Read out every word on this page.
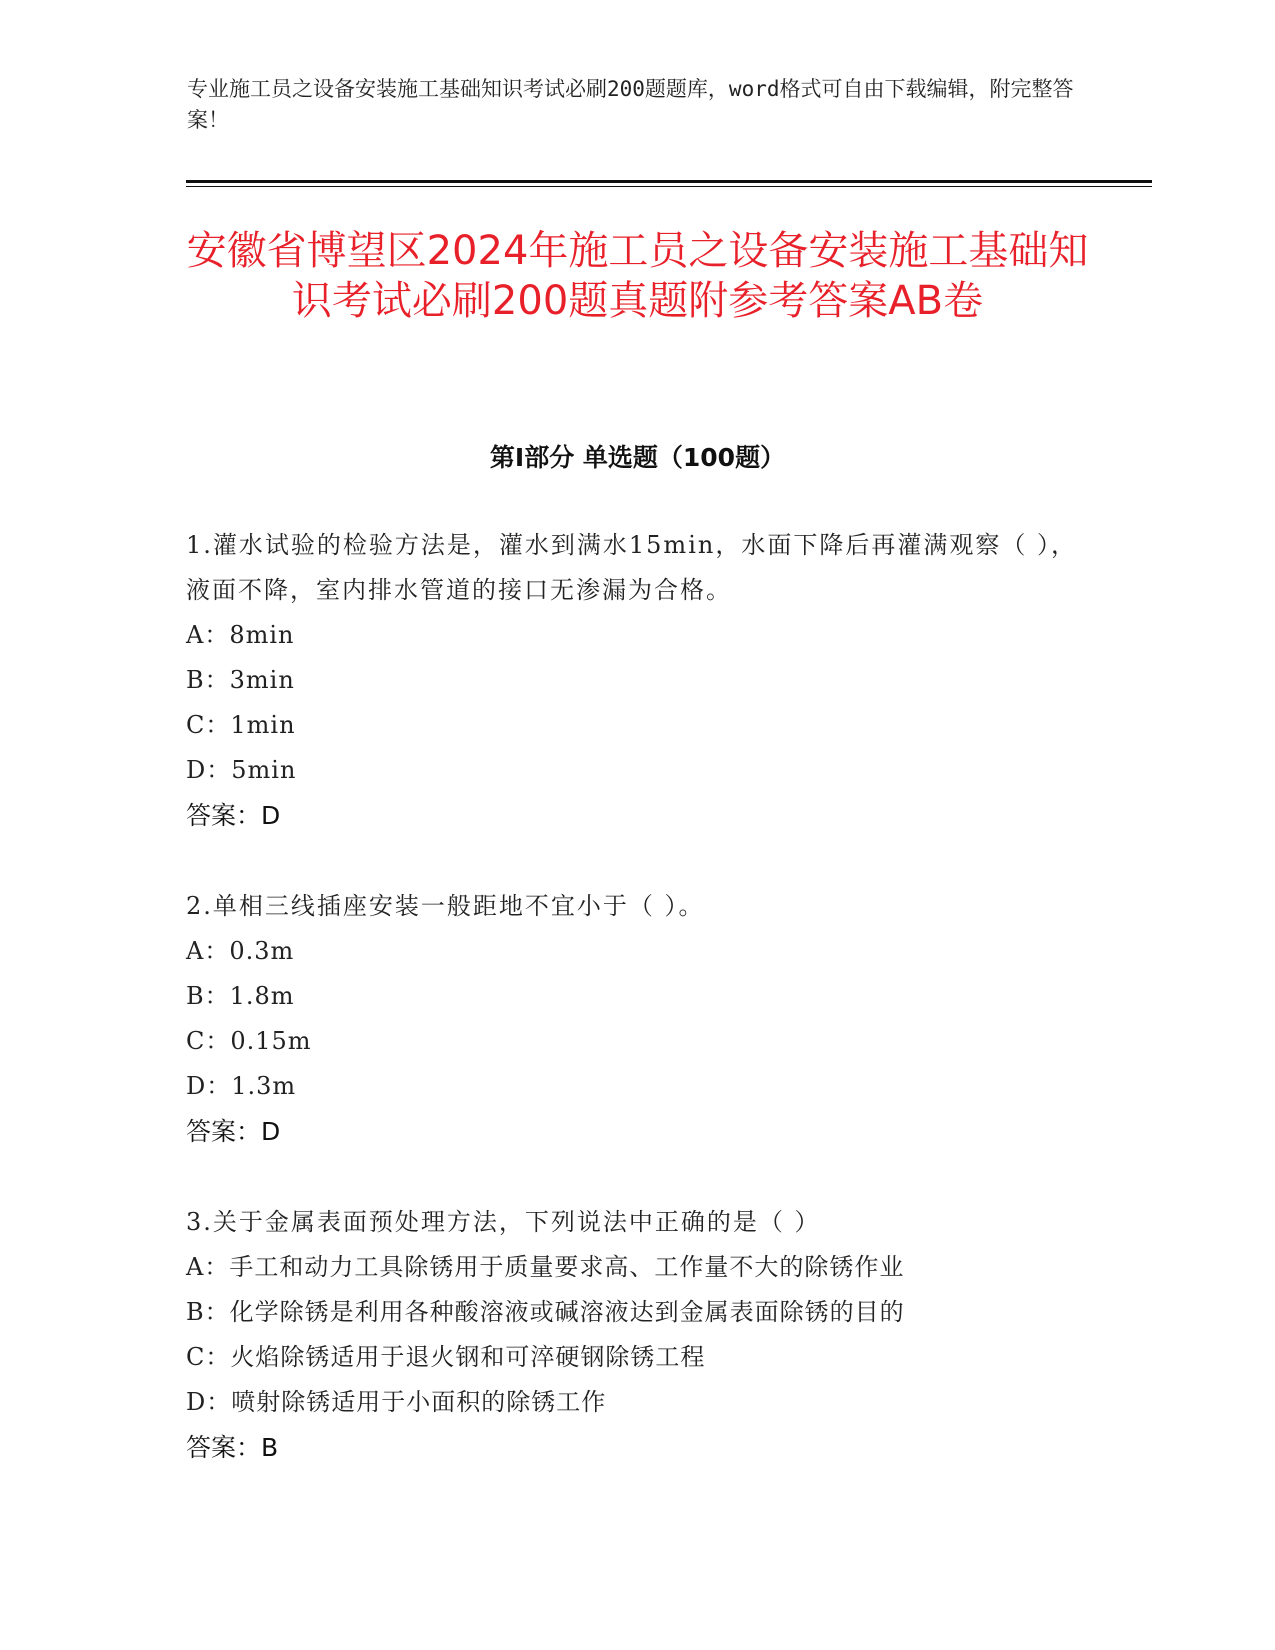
专业施工员之设备安装施工基础知识考试必刷200题题库，word格式可自由下载编辑，附完整答案！

安徽省博望区2024年施工员之设备安装施工基础知识考试必刷200题真题附参考答案AB卷
第I部分 单选题（100题）

1.灌水试验的检验方法是，灌水到满水15min，水面下降后再灌满观察（ ），液面不降，室内排水管道的接口无渗漏为合格。

A：8min

B：3min

C：1min

D：5min

答案：D

2.单相三线插座安装一般距地不宜小于（ ）。

A：0.3m

B：1.8m

C：0.15m

D：1.3m

答案：D

3.关于金属表面预处理方法，下列说法中正确的是（ ）

A：手工和动力工具除锈用于质量要求高、工作量不大的除锈作业

B：化学除锈是利用各种酸溶液或碱溶液达到金属表面除锈的目的

C：火焰除锈适用于退火钢和可淬硬钢除锈工程

D：喷射除锈适用于小面积的除锈工作

答案：B
